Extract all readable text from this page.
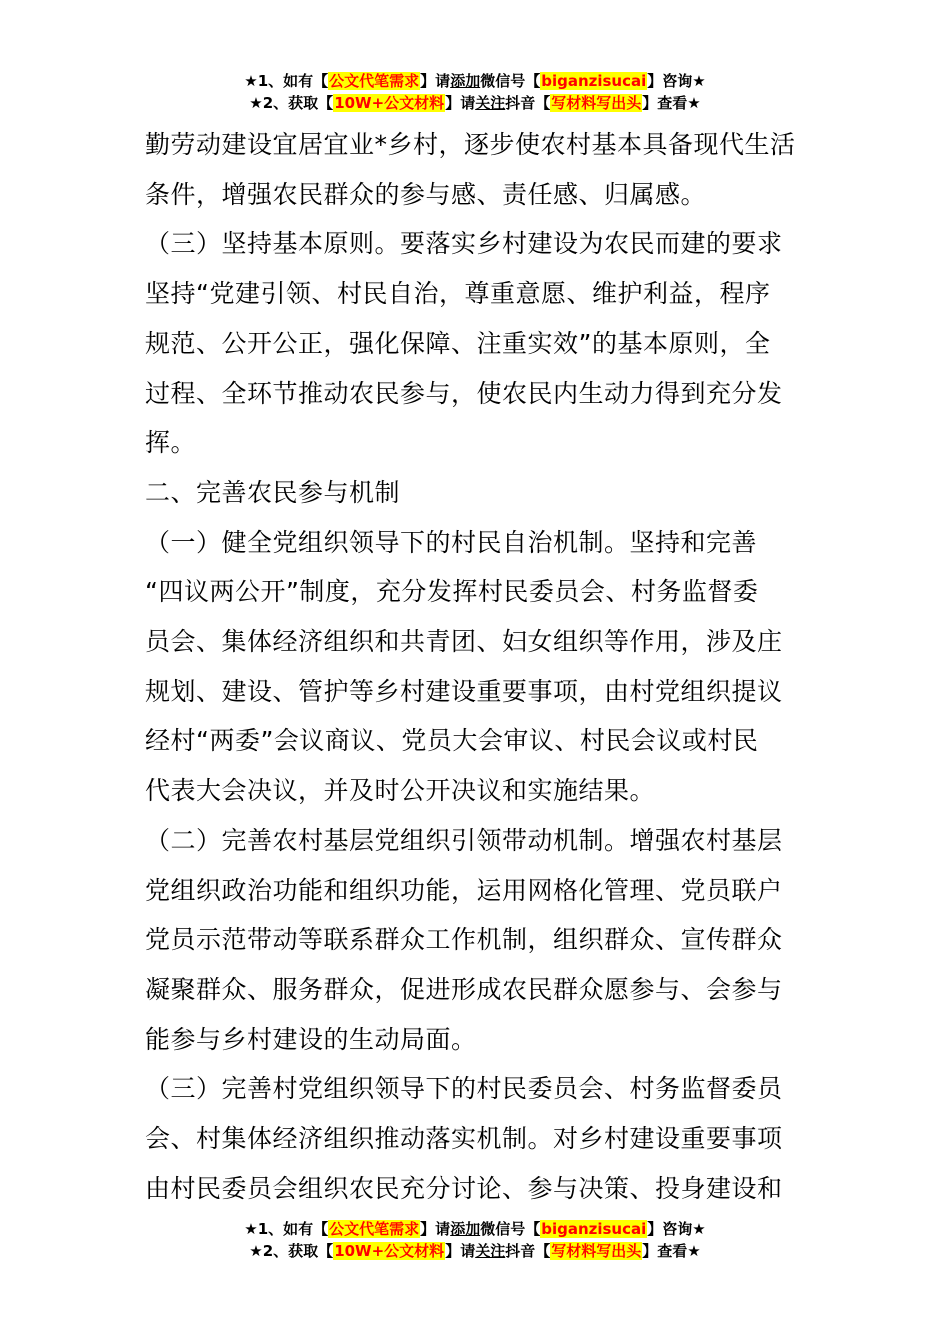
★1、如有【公文代笔需求】请添加微信号【biganzisucai】咨询★
★2、获取【10W+公文材料】请关注抖音【写材料写出头】查看★
勤劳动建设宜居宜业*乡村，逐步使农村基本具备现代生活
条件，增强农民群众的参与感、责任感、归属感。
（三）坚持基本原则。要落实乡村建设为农民而建的要求
坚持“党建引领、村民自治，尊重意愿、维护利益，程序
规范、公开公正，强化保障、注重实效”的基本原则，全
过程、全环节推动农民参与，使农民内生动力得到充分发
挥。
二、完善农民参与机制
（一）健全党组织领导下的村民自治机制。坚持和完善
“四议两公开”制度，充分发挥村民委员会、村务监督委
员会、集体经济组织和共青团、妇女组织等作用，涉及庄
规划、建设、管护等乡村建设重要事项，由村党组织提议
经村“两委”会议商议、党员大会审议、村民会议或村民
代表大会决议，并及时公开决议和实施结果。
（二）完善农村基层党组织引领带动机制。增强农村基层
党组织政治功能和组织功能，运用网格化管理、党员联户
党员示范带动等联系群众工作机制，组织群众、宣传群众
凝聚群众、服务群众，促进形成农民群众愿参与、会参与
能参与乡村建设的生动局面。
（三）完善村党组织领导下的村民委员会、村务监督委员
会、村集体经济组织推动落实机制。对乡村建设重要事项
由村民委员会组织农民充分讨论、参与决策、投身建设和
★1、如有【公文代笔需求】请添加微信号【biganzisucai】咨询★
★2、获取【10W+公文材料】请关注抖音【写材料写出头】查看★
